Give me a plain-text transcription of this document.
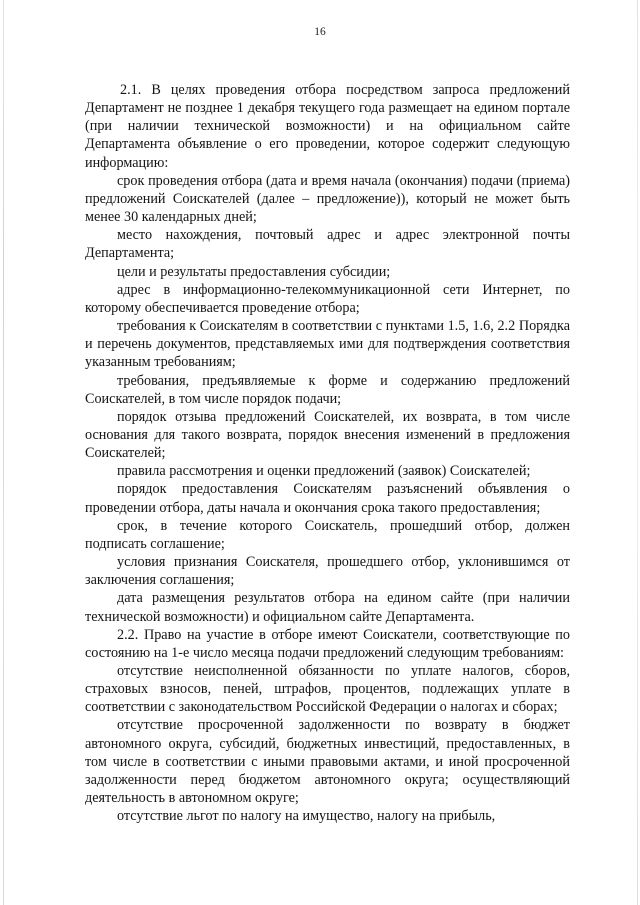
16

2.1. В целях проведения отбора посредством запроса предложений Департамент не позднее 1 декабря текущего года размещает на едином портале (при наличии технической возможности) и на официальном сайте Департамента объявление о его проведении, которое содержит следующую информацию:

срок проведения отбора (дата и время начала (окончания) подачи (приема) предложений Соискателей (далее – предложение)), который не может быть менее 30 календарных дней;

место нахождения, почтовый адрес и адрес электронной почты Департамента;

цели и результаты предоставления субсидии;

адрес в информационно-телекоммуникационной сети Интернет, по которому обеспечивается проведение отбора;

требования к Соискателям в соответствии с пунктами 1.5, 1.6, 2.2 Порядка и перечень документов, представляемых ими для подтверждения соответствия указанным требованиям;

требования, предъявляемые к форме и содержанию предложений Соискателей, в том числе порядок подачи;

порядок отзыва предложений Соискателей, их возврата, в том числе основания для такого возврата, порядок внесения изменений в предложения Соискателей;

правила рассмотрения и оценки предложений (заявок) Соискателей;

порядок предоставления Соискателям разъяснений объявления о проведении отбора, даты начала и окончания срока такого предоставления;

срок, в течение которого Соискатель, прошедший отбор, должен подписать соглашение;

условия признания Соискателя, прошедшего отбор, уклонившимся от заключения соглашения;

дата размещения результатов отбора на едином сайте (при наличии технической возможности) и официальном сайте Департамента.

2.2. Право на участие в отборе имеют Соискатели, соответствующие по состоянию на 1-е число месяца подачи предложений следующим требованиям:

отсутствие неисполненной обязанности по уплате налогов, сборов, страховых взносов, пеней, штрафов, процентов, подлежащих уплате в соответствии с законодательством Российской Федерации о налогах и сборах;

отсутствие просроченной задолженности по возврату в бюджет автономного округа, субсидий, бюджетных инвестиций, предоставленных, в том числе в соответствии с иными правовыми актами, и иной просроченной задолженности перед бюджетом автономного округа; осуществляющий деятельность в автономном округе;

отсутствие льгот по налогу на имущество, налогу на прибыль,
